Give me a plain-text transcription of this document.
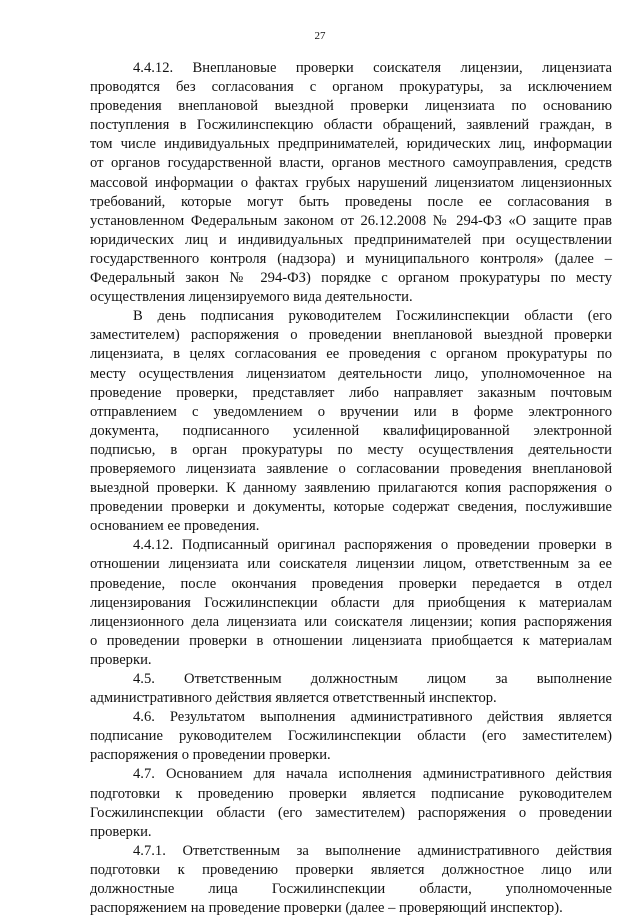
27
4.4.12. Внеплановые проверки соискателя лицензии, лицензиата
проводятся без согласования с органом прокуратуры, за исключением
проведения внеплановой выездной проверки лицензиата по основанию
поступления в Госжилинспекцию области обращений, заявлений граждан, в
том числе индивидуальных предпринимателей, юридических лиц, информации
от органов государственной власти, органов местного самоуправления, средств
массовой информации о фактах грубых нарушений лицензиатом лицензионных
требований, которые могут быть проведены после ее согласования в
установленном Федеральным законом от 26.12.2008 № 294-ФЗ «О защите прав
юридических лиц и индивидуальных предпринимателей при осуществлении
государственного контроля (надзора) и муниципального контроля» (далее –
Федеральный закон № 294-ФЗ) порядке с органом прокуратуры по месту
осуществления лицензируемого вида деятельности.
В день подписания руководителем Госжилинспекции области (его
заместителем) распоряжения о проведении внеплановой выездной проверки
лицензиата, в целях согласования ее проведения с органом прокуратуры по
месту осуществления лицензиатом деятельности лицо, уполномоченное на
проведение проверки, представляет либо направляет заказным почтовым
отправлением с уведомлением о вручении или в форме электронного
документа, подписанного усиленной квалифицированной электронной
подписью, в орган прокуратуры по месту осуществления деятельности
проверяемого лицензиата заявление о согласовании проведения внеплановой
выездной проверки. К данному заявлению прилагаются копия распоряжения о
проведении проверки и документы, которые содержат сведения, послужившие
основанием ее проведения.
4.4.12. Подписанный оригинал распоряжения о проведении проверки в
отношении лицензиата или соискателя лицензии лицом, ответственным за ее
проведение, после окончания проведения проверки передается в отдел
лицензирования Госжилинспекции области для приобщения к материалам
лицензионного дела лицензиата или соискателя лицензии; копия распоряжения
о проведении проверки в отношении лицензиата приобщается к материалам
проверки.
4.5. Ответственным должностным лицом за выполнение
административного действия является ответственный инспектор.
4.6. Результатом выполнения административного действия является
подписание руководителем Госжилинспекции области (его заместителем)
распоряжения о проведении проверки.
4.7. Основанием для начала исполнения административного действия
подготовки к проведению проверки является подписание руководителем
Госжилинспекции области (его заместителем) распоряжения о проведении
проверки.
4.7.1. Ответственным за выполнение административного действия
подготовки к проведению проверки является должностное лицо или
должностные лица Госжилинспекции области, уполномоченные
распоряжением на проведение проверки (далее – проверяющий инспектор).
